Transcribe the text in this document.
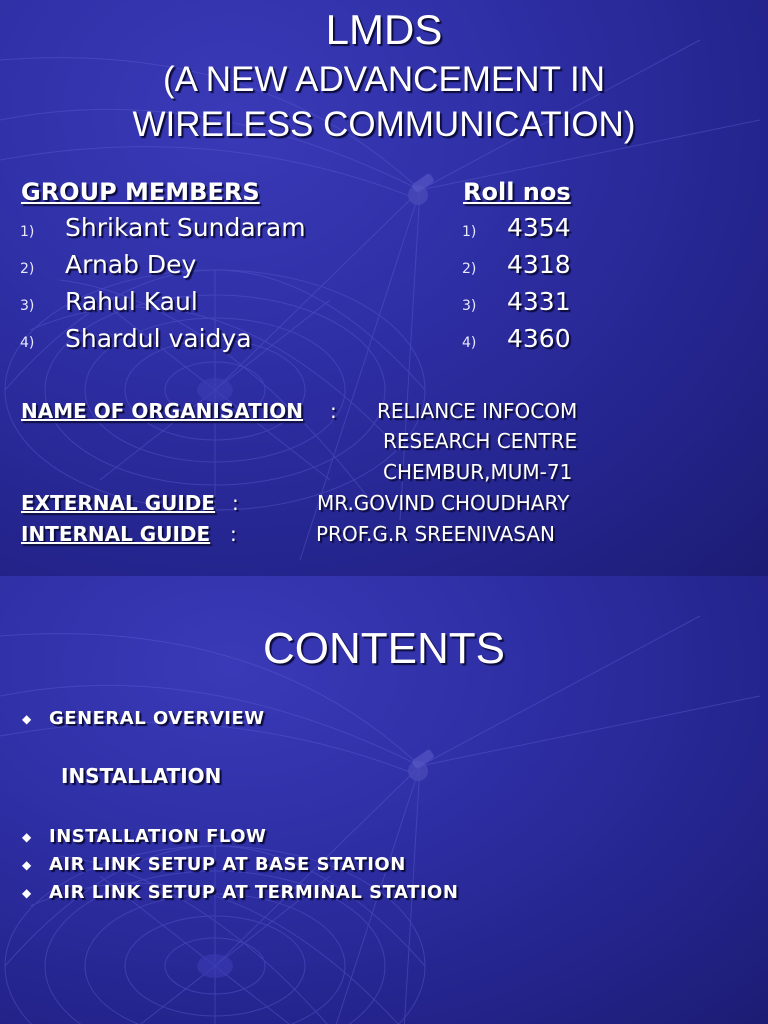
LMDS
(A NEW ADVANCEMENT IN
WIRELESS COMMUNICATION)
GROUP MEMBERS	Roll nos
1) Shrikant Sundaram	1) 4354
2) Arnab Dey	2) 4318
3) Rahul Kaul	3) 4331
4) Shardul vaidya	4) 4360
NAME OF ORGANISATION : RELIANCE INFOCOM
RESEARCH CENTRE
CHEMBUR,MUM-71
EXTERNAL GUIDE :	MR.GOVIND CHOUDHARY
INTERNAL GUIDE :	PROF.G.R SREENIVASAN
CONTENTS
◆ GENERAL OVERVIEW
INSTALLATION
◆ INSTALLATION FLOW
◆ AIR LINK SETUP AT BASE STATION
◆ AIR LINK SETUP AT TERMINAL STATION
